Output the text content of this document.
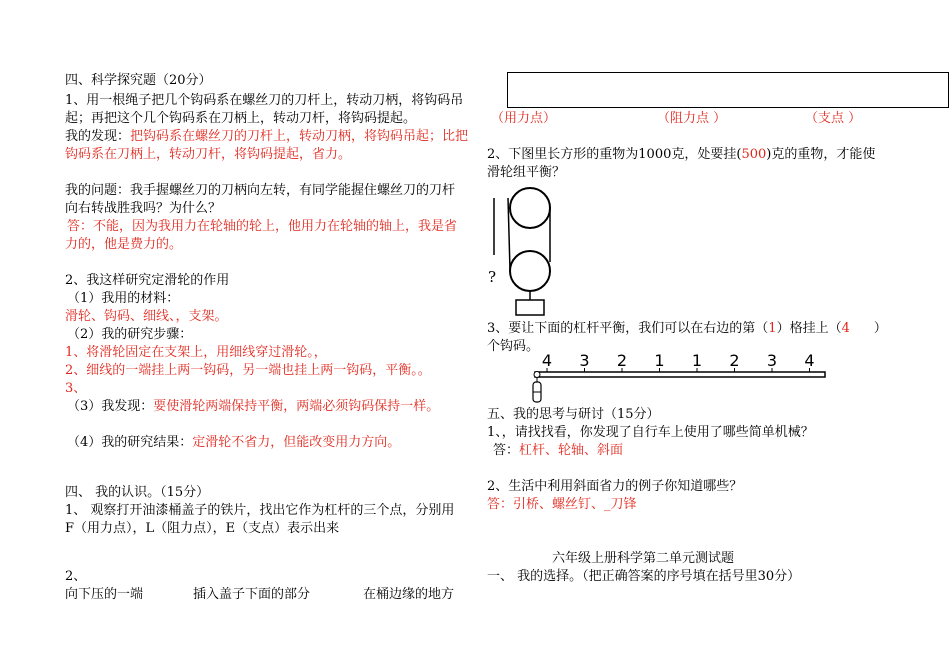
四、科学探究题（20分）
1、用一根绳子把几个钩码系在螺丝刀的刀杆上，转动刀柄，将钩码吊
起；再把这个几个钩码系在刀柄上，转动刀杆，将钩码提起。
我的发现：把钩码系在螺丝刀的刀杆上，转动刀柄，将钩码吊起；比把
钩码系在刀柄上，转动刀杆，将钩码提起，省力。
我的问题：我手握螺丝刀的刀柄向左转，有同学能握住螺丝刀的刀杆
向右转战胜我吗？为什么？
答：不能，因为我用力在轮轴的轮上，他用力在轮轴的轴上，我是省
力的，他是费力的。
2、我这样研究定滑轮的作用
（1）我用的材料：
滑轮、钩码、细线、，支架。
（2）我的研究步骤：
1、将滑轮固定在支架上，用细线穿过滑轮。，
2、细线的一端挂上两一钩码，另一端也挂上两一钩码，平衡。。
3、
（3）我发现：要使滑轮两端保持平衡，两端必须钩码保持一样。
（4）我的研究结果：定滑轮不省力，但能改变用力方向。
四、 我的认识。（15分）
1、 观察打开油漆桶盖子的铁片，找出它作为杠杆的三个点，分别用
F（用力点），L（阻力点），E（支点）表示出来
2、
向下压的一端	插入盖子下面的部分	在桶边缘的地方
（用力点）	（阻力点 ）	（支点 ）
2、下图里长方形的重物为1000克，处要挂(500)克的重物，才能使
滑轮组平衡？
?
3、要让下面的杠杆平衡，我们可以在右边的第（1）格挂上（4 ）
个钩码。
4 3 2 1 1 2 3 4
五、我的思考与研讨（15分）
1、，请找找看，你发现了自行车上使用了哪些简单机械？
答：杠杆、轮轴、斜面
2、生活中利用斜面省力的例子你知道哪些？
答：引桥、螺丝钉、_刀锋
六年级上册科学第二单元测试题
一、 我的选择。（把正确答案的序号填在括号里30分）
